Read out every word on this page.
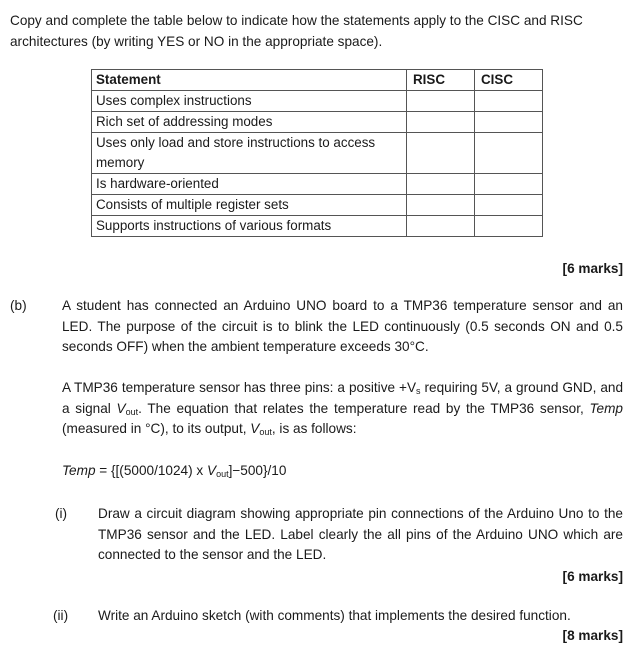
Copy and complete the table below to indicate how the statements apply to the CISC and RISC
architectures (by writing YES or NO in the appropriate space).
Statement	RISC	CISC
Uses complex instructions		
Rich set of addressing modes		

Uses only load and store instructions to access
memory		

Is hardware-oriented		
Consists of multiple register sets		
Supports instructions of various formats		
[6 marks]
(b)	A student has connected an Arduino UNO board to a TMP36 temperature sensor and an LED. The purpose of the circuit is to blink the LED continuously (0.5 seconds ON and 0.5 seconds OFF) when the ambient temperature exceeds 30°C.
A TMP36 temperature sensor has three pins: a positive $+V_s$ requiring 5V, a ground GND, and a signal $V_{out}$. The equation that relates the temperature read by the TMP36 sensor, Temp (measured in °C), to its output, $V_{out}$, is as follows:
Temp = {[(5000/1024) x $V_{out}]-500\}/10$
(i) Draw a circuit diagram showing appropriate pin connections of the Arduino Uno to the TMP36 sensor and the LED. Label clearly the all pins of the Arduino UNO which are connected to the sensor and the LED.
[6 marks]
(ii) Write an Arduino sketch (with comments) that implements the desired function.
[8 marks]
